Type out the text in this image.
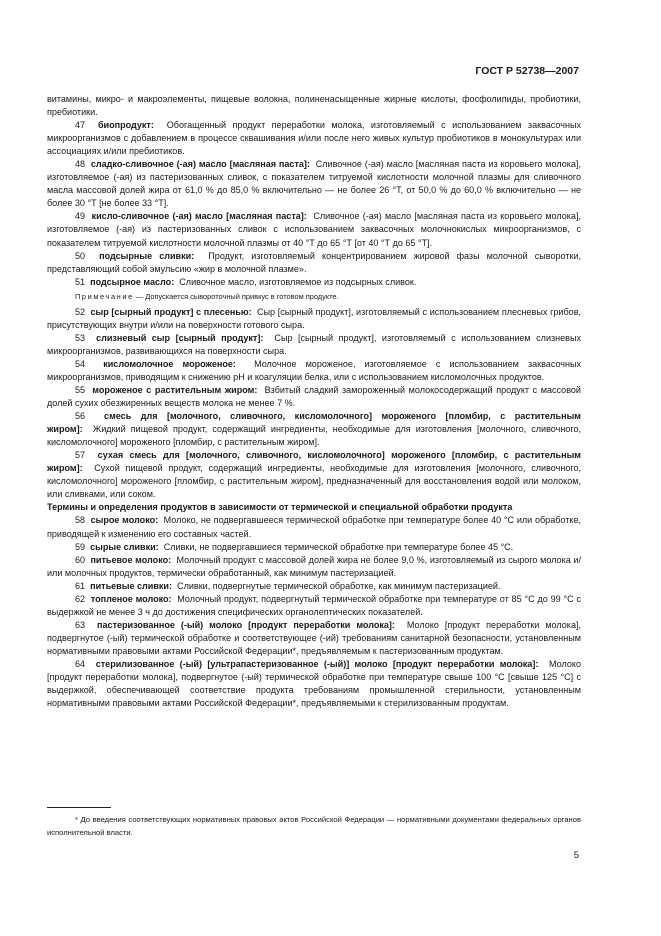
ГОСТ Р 52738—2007

витамины, микро- и макроэлементы, пищевые волокна, полиненасыщенные жирные кислоты, фосфолипиды, пробиотики, пребиотики.

47 биопродукт: Обогащенный продукт переработки молока, изготовляемый с использованием заквасочных микроорганизмов с добавлением в процессе сквашивания и/или после него живых культур пробиотиков в монокультурах или ассоциациях и/или пребиотиков.

48 сладко-сливочное (-ая) масло [масляная паста]: Сливочное (-ая) масло [масляная паста из коровьего молока], изготовляемое (-ая) из пастеризованных сливок, с показателем титруемой кислотности молочной плазмы для сливочного масла массовой долей жира от 61,0 % до 85,0 % включительно — не более 26 °Т, от 50,0 % до 60,0 % включительно — не более 30 °Т [не более 33 °Т].

49 кисло-сливочное (-ая) масло [масляная паста]: Сливочное (-ая) масло [масляная паста из коровьего молока], изготовляемое (-ая) из пастеризованных сливок с использованием заквасочных молочнокислых микроорганизмов, с показателем титруемой кислотности молочной плазмы от 40 °Т до 65 °Т [от 40 °Т до 65 °Т].

50 подсырные сливки: Продукт, изготовляемый концентрированием жировой фазы молочной сыворотки, представляющий собой эмульсию «жир в молочной плазме».

51 подсырное масло: Сливочное масло, изготовляемое из подсырных сливок.

Примечание — Допускается сывороточный привкус в готовом продукте.

52 сыр [сырный продукт] с плесенью: Сыр [сырный продукт], изготовляемый с использованием плесневых грибов, присутствующих внутри и/или на поверхности готового сыра.

53 слизневый сыр [сырный продукт]: Сыр [сырный продукт], изготовляемый с использованием слизневых микроорганизмов, развивающихся на поверхности сыра.

54 кисломолочное мороженое: Молочное мороженое, изготовляемое с использованием заквасочных микроорганизмов, приводящим к снижению pH и коагуляции белка, или с использованием кисломолочных продуктов.

55 мороженое с растительным жиром: Взбитый сладкий замороженный молокосодержащий продукт с массовой долей сухих обезжиренных веществ молока не менее 7 %.

56 смесь для [молочного, сливочного, кисломолочного] мороженого [пломбир, с растительным жиром]: Жидкий пищевой продукт, содержащий ингредиенты, необходимые для изготовления [молочного, сливочного, кисломолочного] мороженого [пломбир, с растительным жиром].

57 сухая смесь для [молочного, сливочного, кисломолочного] мороженого [пломбир, с растительным жиром]: Сухой пищевой продукт, содержащий ингредиенты, необходимые для изготовления [молочного, сливочного, кисломолочного] мороженого [пломбир, с растительным жиром], предназначенный для восстановления водой или молоком, или сливками, или соком.

Термины и определения продуктов в зависимости от термической и специальной обработки продукта

58 сырое молоко: Молоко, не подвергавшееся термической обработке при температуре более 40 °С или обработке, приводящей к изменению его составных частей.

59 сырые сливки: Сливки, не подвергавшиеся термической обработке при температуре более 45 °С.

60 питьевое молоко: Молочный продукт с массовой долей жира не более 9,0 %, изготовляемый из сырого молока и/или молочных продуктов, термически обработанный, как минимум пастеризацией.

61 питьевые сливки: Сливки, подвергнутые термической обработке, как минимум пастеризацией.

62 топленое молоко: Молочный продукт, подвергнутый термической обработке при температуре от 85 °С до 99 °С с выдержкой не менее 3 ч до достижения специфических органолептических показателей.

63 пастеризованное (-ый) молоко [продукт переработки молока]: Молоко [продукт переработки молока], подвергнутое (-ый) термической обработке и соответствующее (-ий) требованиям санитарной безопасности, установленным нормативными правовыми актами Российской Федерации*, предъявляемым к пастеризованным продуктам.

64 стерилизованное (-ый) [ультрапастеризованное (-ый)] молоко [продукт переработки молока]: Молоко [продукт переработки молока], подвергнутое (-ый) термической обработке при температуре свыше 100 °С [свыше 125 °С] с выдержкой, обеспечивающей соответствие продукта требованиям промышленной стерильности, установленным нормативными правовыми актами Российской Федерации*, предъявляемыми к стерилизованным продуктам.

* До введения соответствующих нормативных правовых актов Российской Федерации — нормативными документами федеральных органов исполнительной власти.

5
